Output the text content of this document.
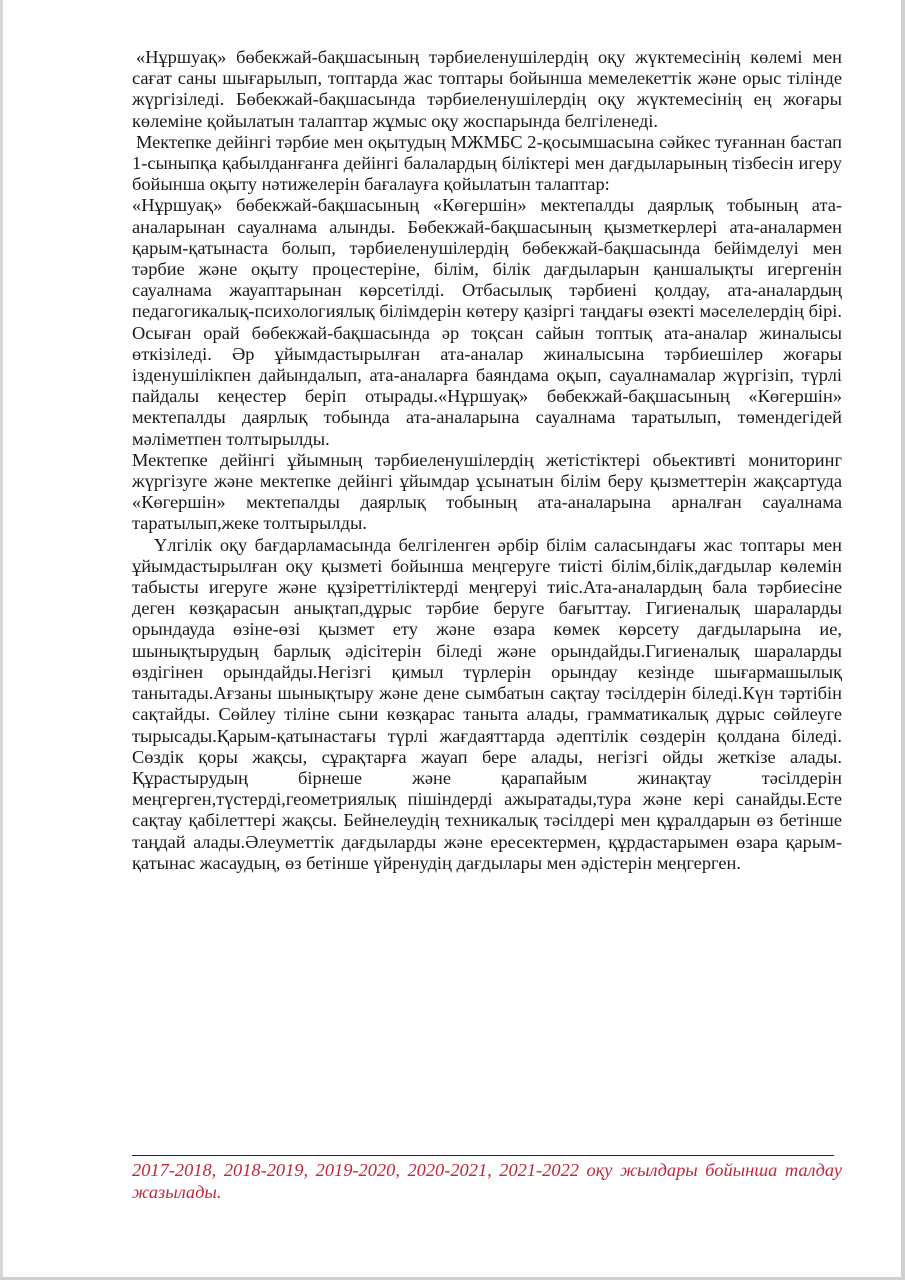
«Нұршуақ» бөбекжай-бақшасының тәрбиеленушілердің оқу жүктемесінің көлемі мен сағат саны шығарылып, топтарда жас топтары бойынша мемелекеттік және орыс тілінде жүргізіледі. Бөбекжай-бақшасында тәрбиеленушілердің оқу жүктемесінің ең жоғары көлеміне қойылатын талаптар жұмыс оқу жоспарында белгіленеді.

Мектепке дейінгі тәрбие мен оқытудың МЖМБС 2-қосымшасына сәйкес туғаннан бастап 1-сыныпқа қабылданғанға дейінгі балалардың біліктері мен дағдыларының тізбесін игеру бойынша оқыту нәтижелерін бағалауға қойылатын талаптар:

«Нұршуақ» бөбекжай-бақшасының «Көгершін» мектепалды даярлық тобының ата-аналарынан сауалнама алынды. Бөбекжай-бақшасының қызметкерлері ата-аналармен қарым-қатынаста болып, тәрбиеленушілердің бөбекжай-бақшасында бейімделуі мен тәрбие және оқыту процестеріне, білім, білік дағдыларын қаншалықты игергенін сауалнама жауаптарынан көрсетілді. Отбасылық тәрбиені қолдау, ата-аналардың педагогикалық-психологиялық білімдерін көтеру қазіргі таңдағы өзекті мәселелердің бірі. Осыған орай бөбекжай-бақшасында әр тоқсан сайын топтық ата-аналар жиналысы өткізіледі. Әр ұйымдастырылған ата-аналар жиналысына тәрбиешілер жоғары ізденушілікпен дайындалып, ата-аналарға баяндама оқып, сауалнамалар жүргізіп, түрлі пайдалы кеңестер беріп отырады.«Нұршуақ» бөбекжай-бақшасының «Көгершін» мектепалды даярлық тобында ата-аналарына сауалнама таратылып, төмендегідей мәліметпен толтырылды.

Мектепке дейінгі ұйымның тәрбиеленушілердің жетістіктері обьективті мониторинг жүргізуге және мектепке дейінгі ұйымдар ұсынатын білім беру қызметтерін жақсартуда «Көгершін» мектепалды даярлық тобының ата-аналарына арналған сауалнама таратылып,жеке толтырылды.

Үлгілік оқу бағдарламасында белгіленген әрбір білім саласындағы жас топтары мен ұйымдастырылған оқу қызметі бойынша меңгеруге тиісті білім,білік,дағдылар көлемін табысты игеруге және құзіреттіліктерді меңгеруі тиіс.Ата-аналардың бала тәрбиесіне деген көзқарасын анықтап,дұрыс тәрбие беруге бағыттау. Гигиеналық шараларды орындауда өзіне-өзі қызмет ету және өзара көмек көрсету дағдыларына ие, шынықтырудың барлық әдісітерін біледі және орындайды.Гигиеналық шараларды өздігінен орындайды.Негізгі қимыл түрлерін орындау кезінде шығармашылық танытады.Ағзаны шынықтыру және дене сымбатын сақтау тәсілдерін біледі.Күн тәртібін сақтайды. Сөйлеу тіліне сыни көзқарас таныта алады, грамматикалық дұрыс сөйлеуге тырысады.Қарым-қатынастағы түрлі жағдаяттарда әдептілік сөздерін қолдана біледі. Сөздік қоры жақсы, сұрақтарға жауап бере алады, негізгі ойды жеткізе алады. Құрастырудың бірнеше және қарапайым жинақтау тәсілдерін меңгерген,түстерді,геометриялық пішіндерді ажыратады,тура және кері санайды.Есте сақтау қабілеттері жақсы. Бейнелеудің техникалық тәсілдері мен құралдарын өз бетінше таңдай алады.Әлеуметтік дағдыларды және ересектермен, құрдастарымен өзара қарым-қатынас жасаудың, өз бетінше үйренудің дағдылары мен әдістерін меңгерген.

2017-2018, 2018-2019, 2019-2020, 2020-2021, 2021-2022 оқу жылдары бойынша талдау жазылады.
